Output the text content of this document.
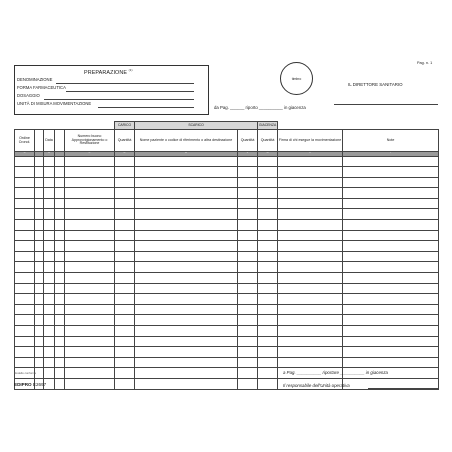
PREPARAZIONE $^{(1)}$
DENOMINAZIONE
FORMA FARMACEUTICA
DOSAGGIO
UNITÀ DI MISURA MOVIMENTAZIONE
timbro
Pag. n. 1
IL DIRETTORE SANITARIO
da Pag. ______ riporto __________ in giacenza
					CARICO	SCARICO		GIACENZA		
Ordine Cronol.		Data		Numero buono Approvvigionamento o Restituzione	Quantità	Nome paziente o codice di riferimento o altra destinazione	Quantità	Quantità	Firma di chi esegue la movimentazione	Note
A		B		C	D	E	F	G	H	I

Modello conforme
EDIPRO E2697
a Pag. __________ riportare __________ in giacenza
Il responsabile dell'Unità operativa
